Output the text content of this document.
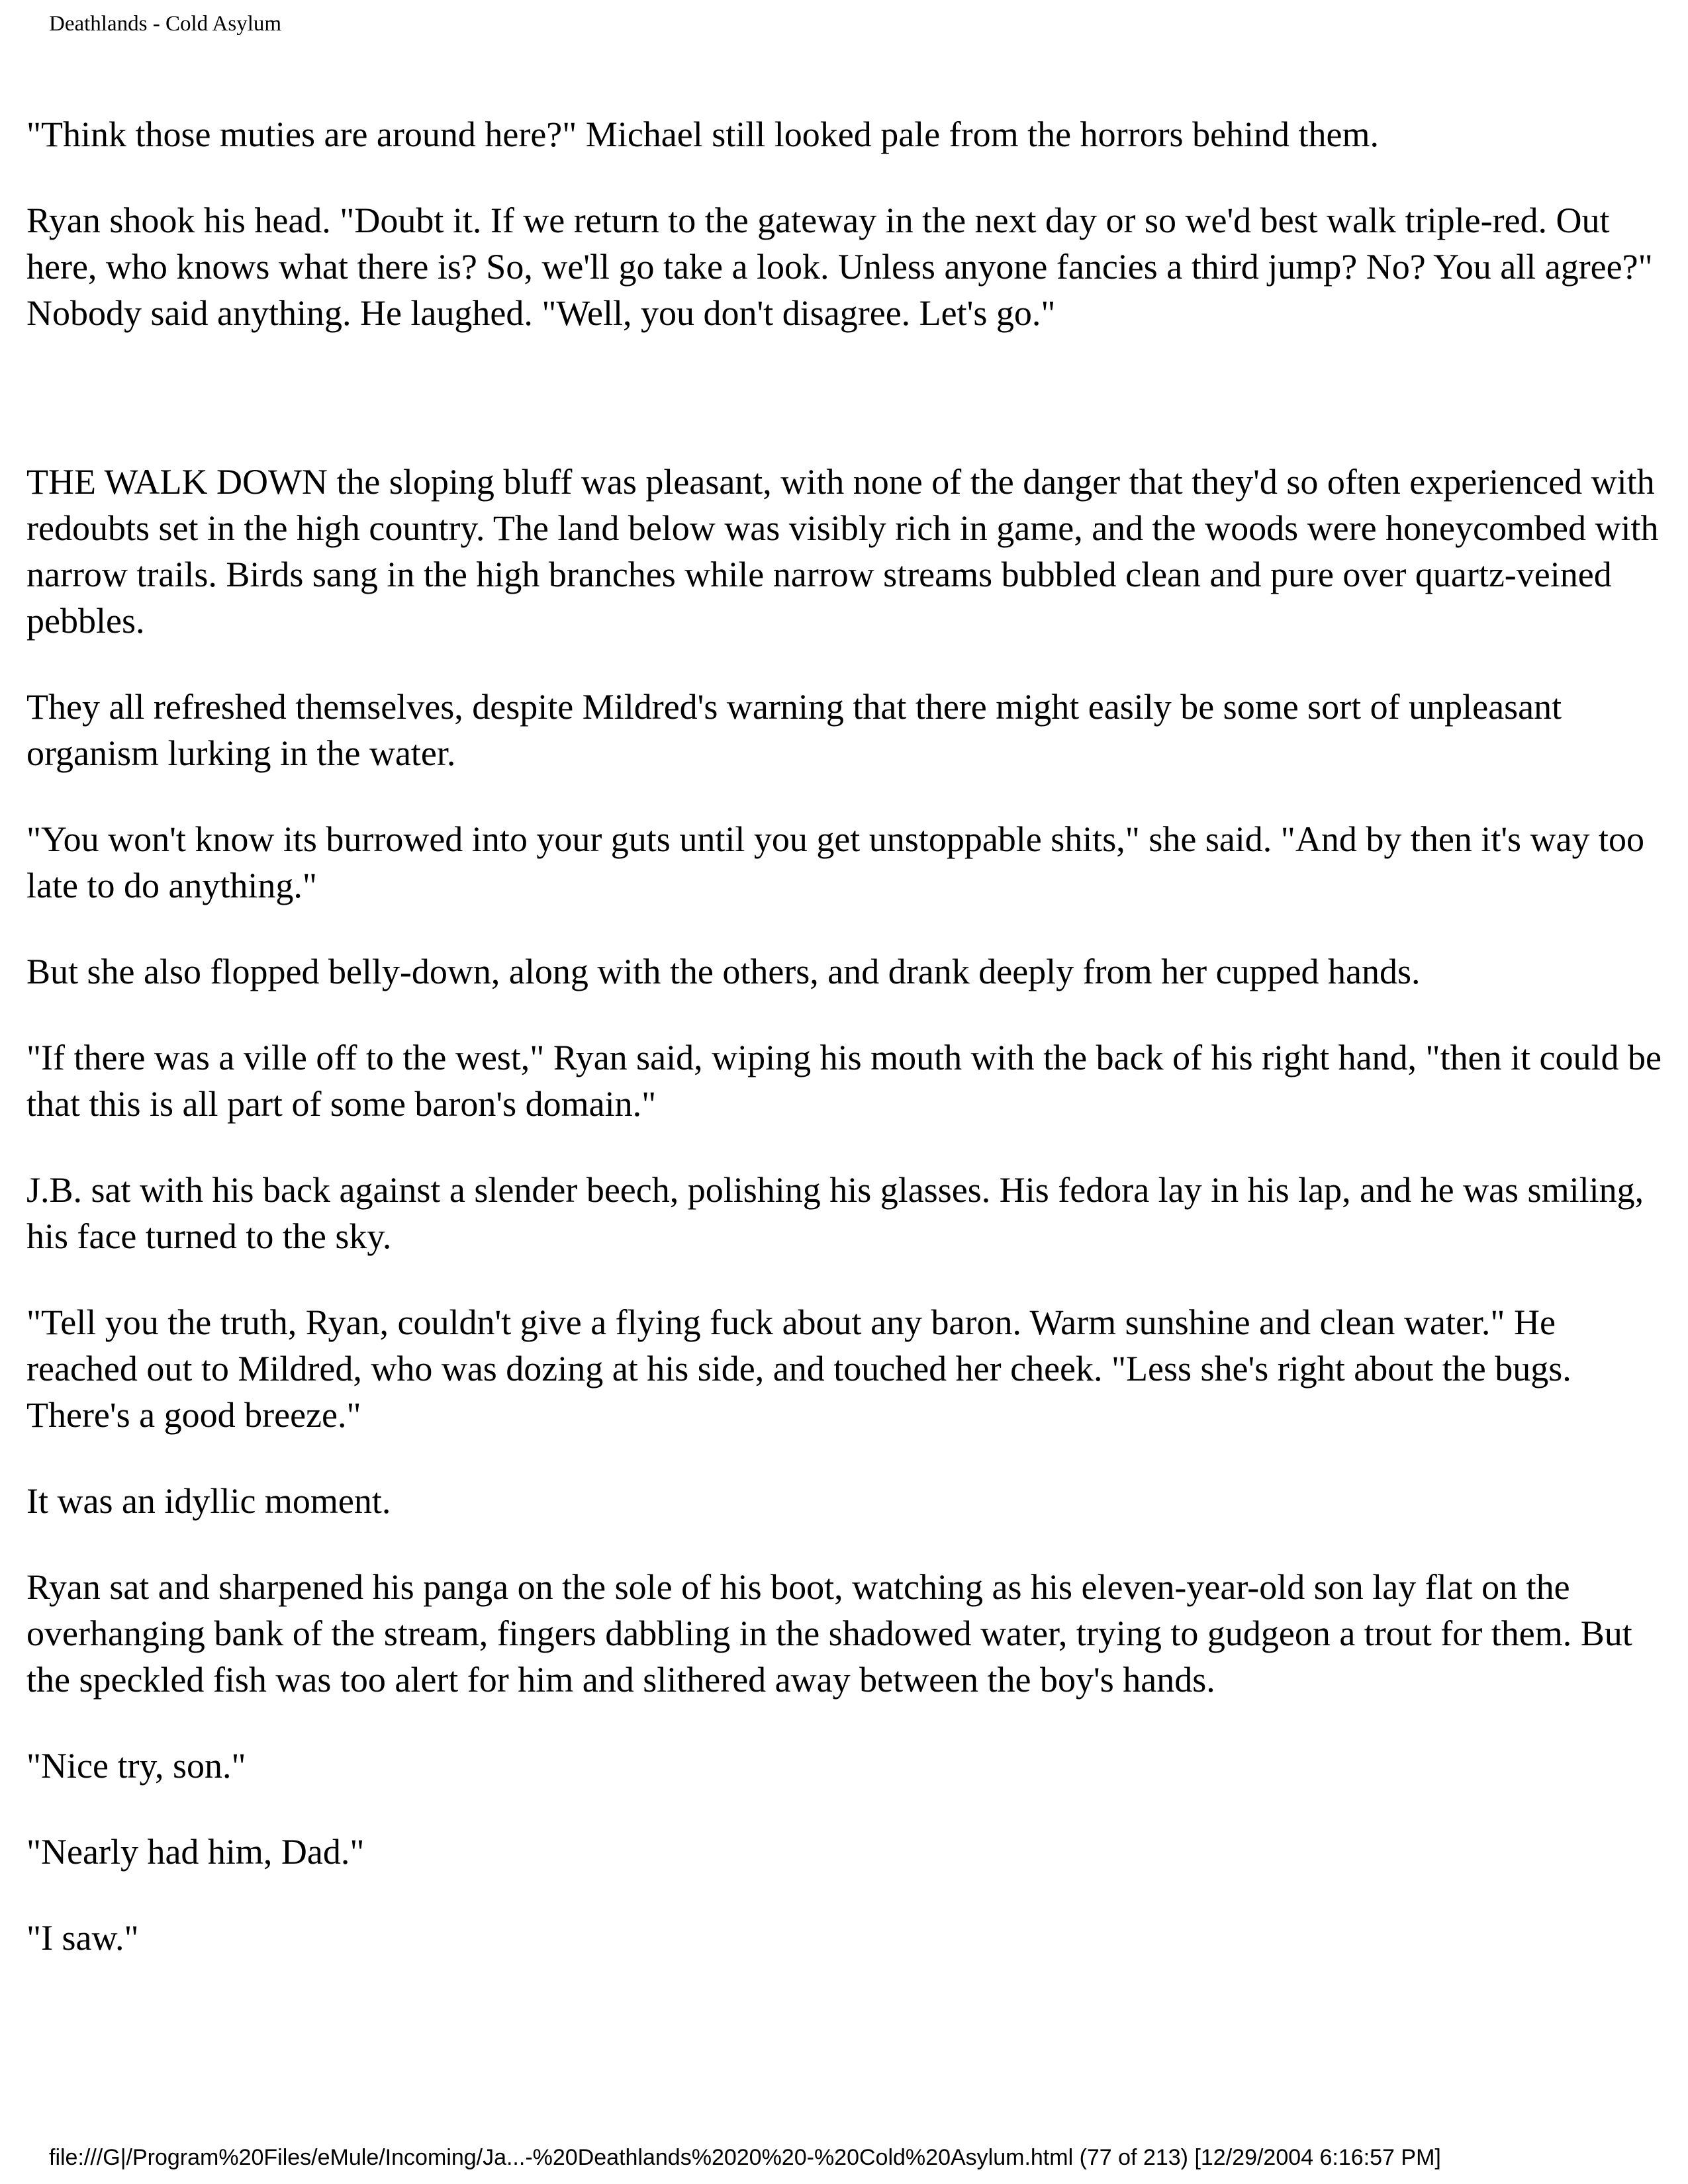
Deathlands - Cold Asylum

"Think those muties are around here?" Michael still looked pale from the horrors behind them.

Ryan shook his head. "Doubt it. If we return to the gateway in the next day or so we'd best walk triple-red. Out here, who knows what there is? So, we'll go take a look. Unless anyone fancies a third jump? No? You all agree?" Nobody said anything. He laughed. "Well, you don't disagree. Let's go."

THE WALK DOWN the sloping bluff was pleasant, with none of the danger that they'd so often experienced with redoubts set in the high country. The land below was visibly rich in game, and the woods were honeycombed with narrow trails. Birds sang in the high branches while narrow streams bubbled clean and pure over quartz-veined pebbles.

They all refreshed themselves, despite Mildred's warning that there might easily be some sort of unpleasant organism lurking in the water.

"You won't know its burrowed into your guts until you get unstoppable shits," she said. "And by then it's way too late to do anything."

But she also flopped belly-down, along with the others, and drank deeply from her cupped hands.

"If there was a ville off to the west," Ryan said, wiping his mouth with the back of his right hand, "then it could be that this is all part of some baron's domain."

J.B. sat with his back against a slender beech, polishing his glasses. His fedora lay in his lap, and he was smiling, his face turned to the sky.

"Tell you the truth, Ryan, couldn't give a flying fuck about any baron. Warm sunshine and clean water." He reached out to Mildred, who was dozing at his side, and touched her cheek. "Less she's right about the bugs. There's a good breeze."

It was an idyllic moment.

Ryan sat and sharpened his panga on the sole of his boot, watching as his eleven-year-old son lay flat on the overhanging bank of the stream, fingers dabbling in the shadowed water, trying to gudgeon a trout for them. But the speckled fish was too alert for him and slithered away between the boy's hands.

"Nice try, son."

"Nearly had him, Dad."

"I saw."

file:///G|/Program%20Files/eMule/Incoming/Ja...-%20Deathlands%2020%20-%20Cold%20Asylum.html (77 of 213) [12/29/2004 6:16:57 PM]
